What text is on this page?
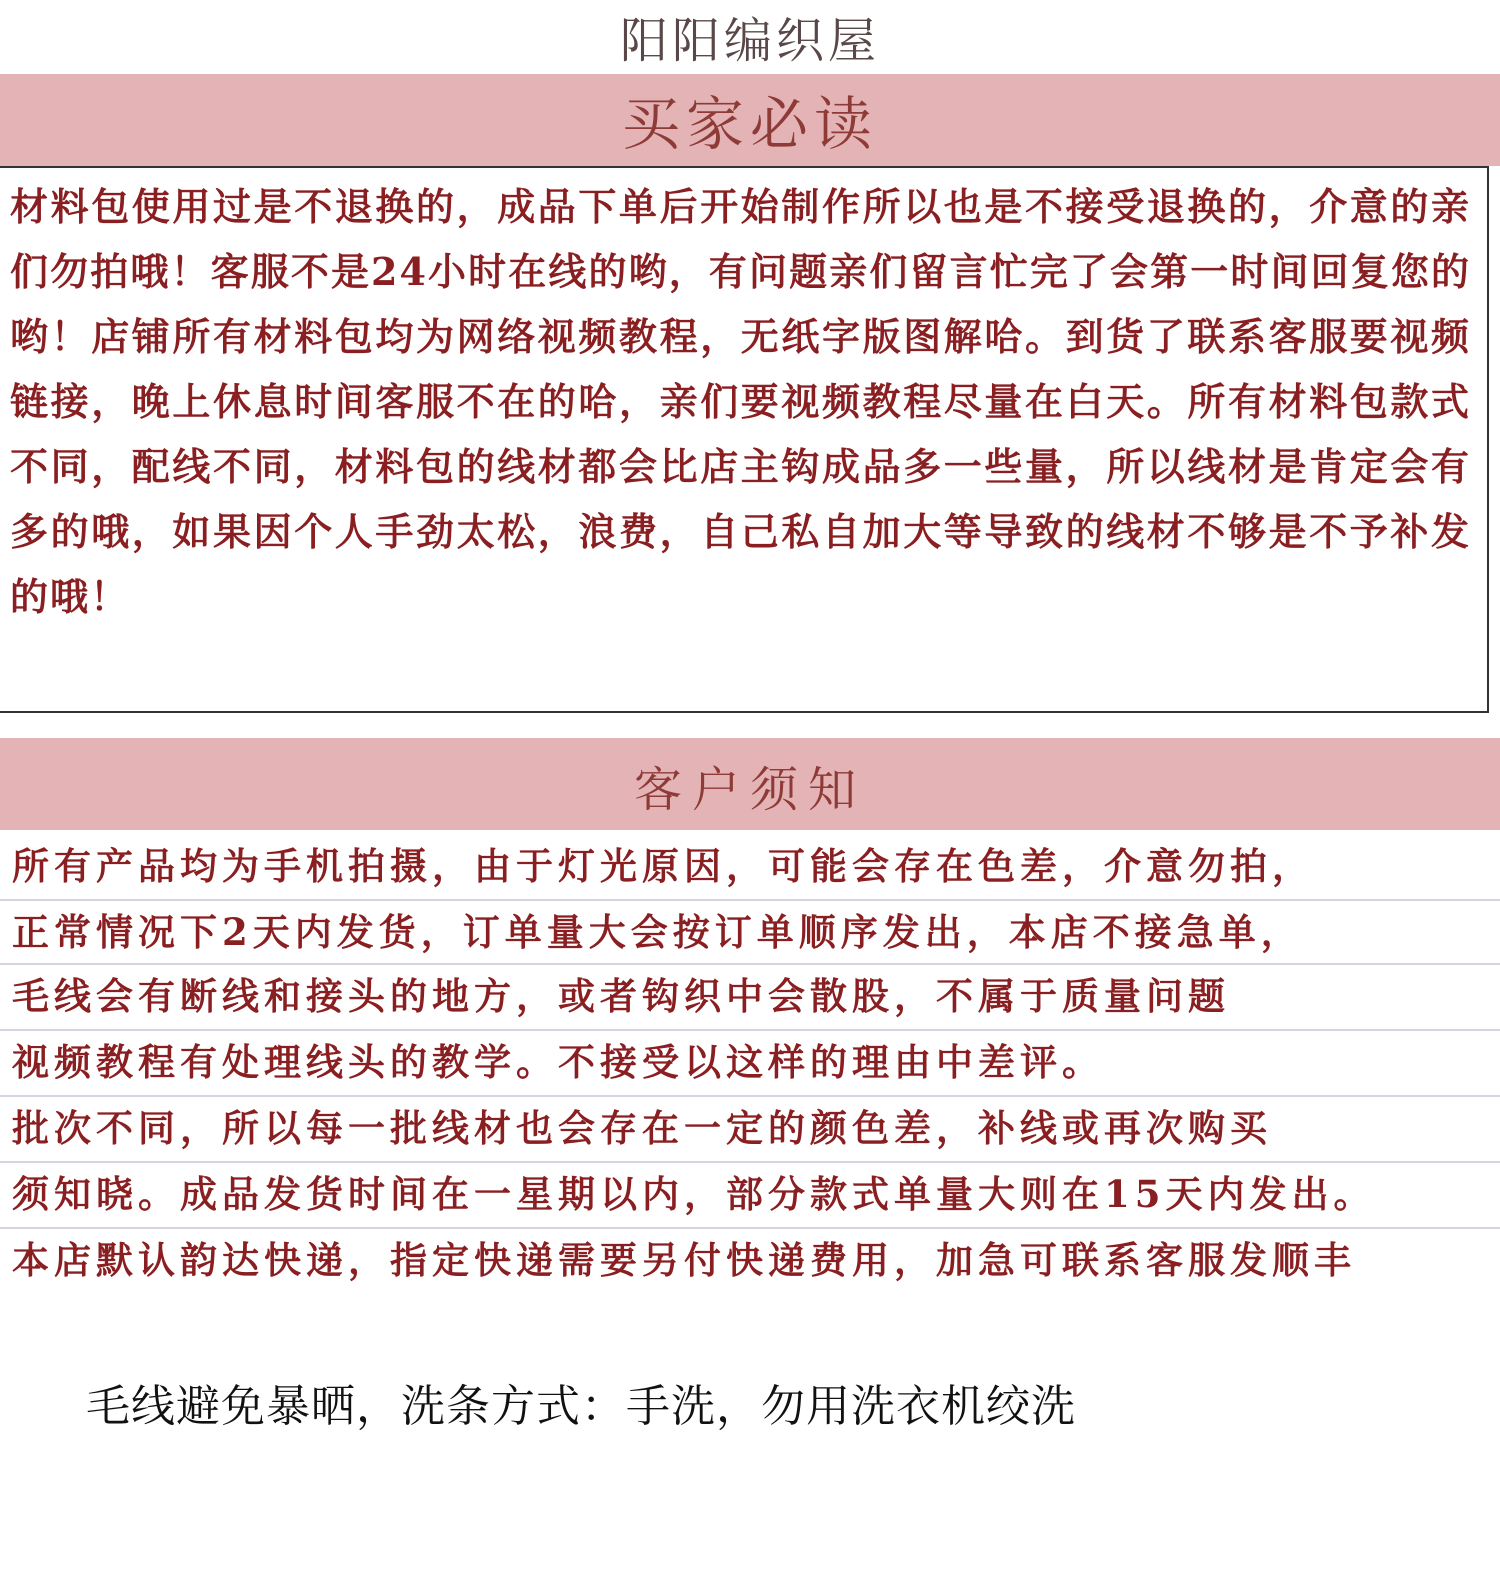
阳阳编织屋
买家必读

材料包使用过是不退换的，成品下单后开始制作所以也是不接受退换的，介意的亲们勿拍哦！客服不是24小时在线的哟，有问题亲们留言忙完了会第一时间回复您的哟！店铺所有材料包均为网络视频教程，无纸字版图解哈。到货了联系客服要视频链接，晚上休息时间客服不在的哈，亲们要视频教程尽量在白天。所有材料包款式不同，配线不同，材料包的线材都会比店主钩成品多一些量，所以线材是肯定会有多的哦，如果因个人手劲太松，浪费，自己私自加大等导致的线材不够是不予补发的哦！

客户须知
所有产品均为手机拍摄，由于灯光原因，可能会存在色差，介意勿拍，
正常情况下2天内发货，订单量大会按订单顺序发出，本店不接急单，
毛线会有断线和接头的地方，或者钩织中会散股，不属于质量问题
视频教程有处理线头的教学。不接受以这样的理由中差评。
批次不同，所以每一批线材也会存在一定的颜色差，补线或再次购买
须知晓。成品发货时间在一星期以内，部分款式单量大则在15天内发出。
本店默认韵达快递，指定快递需要另付快递费用，加急可联系客服发顺丰
毛线避免暴晒，洗条方式：手洗，勿用洗衣机绞洗
